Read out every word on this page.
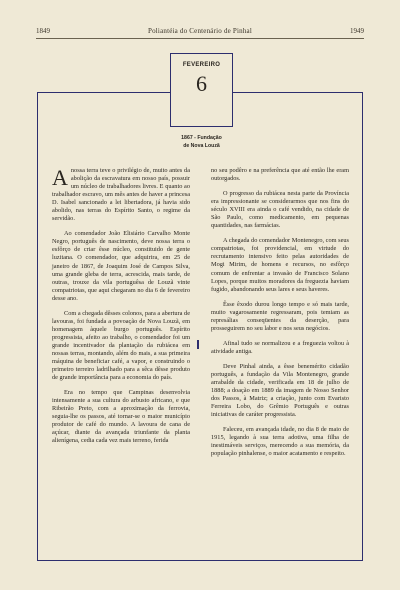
1849	Poliantéia do Centenário de Pinhal	1949
FEVEREIRO
6
1867 - Fundação
de Nova Louzã

Anossa terra teve o privilégio de, muito antes da abolição da escravatura em nosso país, possuir um núcleo de trabalhadores livres. E quanto ao trabalhador escravo, um mês antes de haver a princesa D. Isabel sancionado a lei libertadora, já havia sido abolido, nas terras do Espírito Santo, o regime da servidão.

Ao comendador João Elisiário Carvalho Monte Negro, português de nascimento, deve nossa terra o esfôrço de criar êsse núcleo, constituido de gente luzitana. O comendador, que adquirira, em 25 de janeiro de 1867, de Joaquim José de Campos Silva, uma grande gleba de terra, acrescida, mais tarde, de outras, trouxe da vila portuguêsa de Louzã vinte compatriotas, que aqui chegaram no dia 6 de fevereiro desse ano.

Com a chegada dêsses colonos, para a abertura de lavouras, foi fundada a povoação de Nova Louzã, em homenagem àquele burgo português. Espírito progressista, afeito ao trabalho, o comendador foi um grande incentivador da plantação da rubiácea em nossas terras, montando, além do mais, a sua primeira máquina de beneficiar café, a vapor, e construindo o primeiro terreiro ladrilhado para a sêca dêsse produto de grande importância para a economia do país.

Era no tempo que Campinas desenvolvia intensamente a sua cultura do arbusto africano, e que Ribeirão Preto, com a aproximação da ferrovia, seguia-lhe os passos, até tornar-se o maior município produtor de café do mundo. A lavoura de cana de açúcar, diante da avançada triunfante da planta alienígena, cedia cada vez mais terreno, ferida

no seu podêro e na preferência que até então lhe eram outorgados.

O progresso da rubiácea nesta parte da Província era impressionante se considerarmos que nos fins do século XVIII era ainda o café vendido, na cidade de São Paulo, como medicamento, em pequenas quantidades, nas farmácias.

A chegada do comendador Montenegro, com seus compatriotas, foi providencial, em virtude do recrutamento intensivo feito pelas autoridades de Mogi Mirim, de homens e recursos, no esfôrço comum de enfrentar a invasão de Francisco Solano Lopes, porque muitos moradores da freguezia haviam fugido, abandonando seus lares e seus haveres.

Êsse êxodo durou longo tempo e só mais tarde, muito vagarosamente regressaram, pois temiam as represálias conseqüentes da deserção, para prosseguirem no seu labor e nos seus negócios.

Afinal tudo se normalizou e a freguezia voltou à atividade antiga.

Deve Pinhal ainda, a êsse benemérito cidadão português, a fundação da Vila Montenegro, grande arrabalde da cidade, verificada em 18 de julho de 1888; a doação em 1889 da imagem de Nosso Senhor dos Passos, à Matriz; a criação, junto com Evaristo Ferreira Lobo, do Grêmio Português e outras iniciativas de caráter progressista.

Faleceu, em avançada idade, no dia 8 de maio de 1915, legando à sua terra adotiva, uma filha de inestimáveis serviços, merecendo a sua memória, da população pinhalense, o maior acatamento e respeito.
